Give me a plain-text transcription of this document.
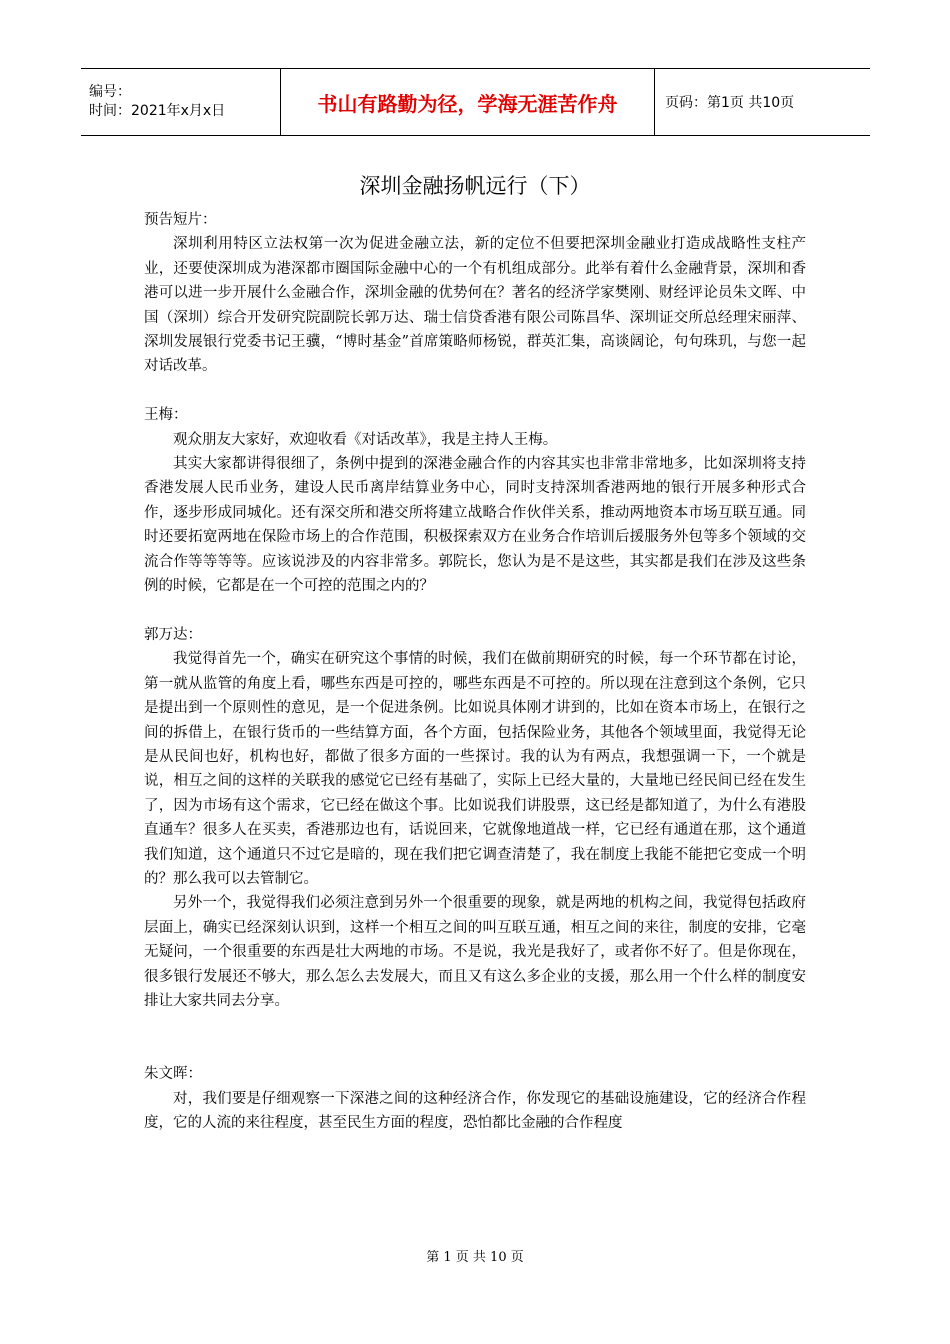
编号：
时间：2021年x月x日	书山有路勤为径，学海无涯苦作舟	页码：第1页 共10页
深圳金融扬帆远行（下）

预告短片：

深圳利用特区立法权第一次为促进金融立法，新的定位不但要把深圳金融业打造成战略性支柱产业，还要使深圳成为港深都市圈国际金融中心的一个有机组成部分。此举有着什么金融背景，深圳和香港可以进一步开展什么金融合作，深圳金融的优势何在？著名的经济学家樊刚、财经评论员朱文晖、中国（深圳）综合开发研究院副院长郭万达、瑞士信贷香港有限公司陈昌华、深圳证交所总经理宋丽萍、深圳发展银行党委书记王骥，“博时基金”首席策略师杨锐，群英汇集，高谈阔论，句句珠玑，与您一起对话改革。

王梅：

观众朋友大家好，欢迎收看《对话改革》，我是主持人王梅。

其实大家都讲得很细了，条例中提到的深港金融合作的内容其实也非常非常地多，比如深圳将支持香港发展人民币业务，建设人民币离岸结算业务中心，同时支持深圳香港两地的银行开展多种形式合作，逐步形成同城化。还有深交所和港交所将建立战略合作伙伴关系，推动两地资本市场互联互通。同时还要拓宽两地在保险市场上的合作范围，积极探索双方在业务合作培训后援服务外包等多个领域的交流合作等等等等。应该说涉及的内容非常多。郭院长，您认为是不是这些，其实都是我们在涉及这些条例的时候，它都是在一个可控的范围之内的？

郭万达：

我觉得首先一个，确实在研究这个事情的时候，我们在做前期研究的时候，每一个环节都在讨论，第一就从监管的角度上看，哪些东西是可控的，哪些东西是不可控的。所以现在注意到这个条例，它只是提出到一个原则性的意见，是一个促进条例。比如说具体刚才讲到的，比如在资本市场上，在银行之间的拆借上，在银行货币的一些结算方面，各个方面，包括保险业务，其他各个领域里面，我觉得无论是从民间也好，机构也好，都做了很多方面的一些探讨。我的认为有两点，我想强调一下，一个就是说，相互之间的这样的关联我的感觉它已经有基础了，实际上已经大量的，大量地已经民间已经在发生了，因为市场有这个需求，它已经在做这个事。比如说我们讲股票，这已经是都知道了，为什么有港股直通车？很多人在买卖，香港那边也有，话说回来，它就像地道战一样，它已经有通道在那，这个通道我们知道，这个通道只不过它是暗的，现在我们把它调查清楚了，我在制度上我能不能把它变成一个明的？那么我可以去管制它。

另外一个，我觉得我们必须注意到另外一个很重要的现象，就是两地的机构之间，我觉得包括政府层面上，确实已经深刻认识到，这样一个相互之间的叫互联互通，相互之间的来往，制度的安排，它毫无疑问，一个很重要的东西是壮大两地的市场。不是说，我光是我好了，或者你不好了。但是你现在，很多银行发展还不够大，那么怎么去发展大，而且又有这么多企业的支援，那么用一个什么样的制度安排让大家共同去分享。

朱文晖：

对，我们要是仔细观察一下深港之间的这种经济合作，你发现它的基础设施建设，它的经济合作程度，它的人流的来往程度，甚至民生方面的程度，恐怕都比金融的合作程度

第 1 页 共 10 页
